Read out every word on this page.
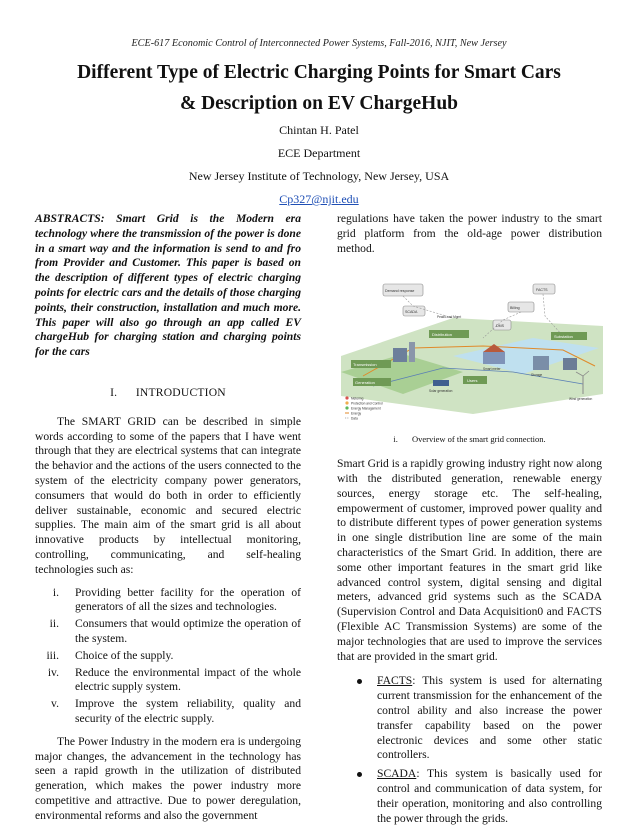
ECE-617 Economic Control of Interconnected Power Systems, Fall-2016, NJIT, New Jersey
Different Type of Electric Charging Points for Smart Cars
& Description on EV ChargeHub
Chintan H. Patel
ECE Department
New Jersey Institute of Technology, New Jersey, USA
Cp327@njit.edu

ABSTRACTS: Smart Grid is the Modern era technology where the transmission of the power is done in a smart way and the information is send to and fro from Provider and Customer. This paper is based on the description of different types of electric charging points for electric cars and the details of those charging points, their construction, installation and much more. This paper will also go through an app called EV chargeHub for charging station and charging points for the cars

I. INTRODUCTION

The SMART GRID can be described in simple words according to some of the papers that I have went through that they are electrical systems that can integrate the behavior and the actions of the users connected to the system of the electricity company power generators, consumers that would do both in order to efficiently deliver sustainable, economic and secured electric supplies. The main aim of the smart grid is all about innovative products by intellectual monitoring, controlling, communicating, and self-healing technologies such as:

i. Providing better facility for the operation of generators of all the sizes and technologies.
ii. Consumers that would optimize the operation of the system.
iii. Choice of the supply.
iv. Reduce the environmental impact of the whole electric supply system.
v. Improve the system reliability, quality and security of the electric supply.

The Power Industry in the modern era is undergoing major changes, the advancement in the technology has seen a rapid growth in the utilization of distributed generation, which makes the power industry more competitive and attractive. Due to power deregulation, environmental reforms and also the government

regulations have taken the power industry to the smart grid platform from the old-age power distribution method.

Demand response
SCADA
Billing
FACTS
DMS
Distribution
Transmission
Substation
Generation	Users
Smart meter
Solar generation
Wind generation
Storage
Peak/Load Mgmt
Metering
Protection and Control
Energy Management
Energy
Data
i. Overview of the smart grid connection.

Smart Grid is a rapidly growing industry right now along with the distributed generation, renewable energy sources, energy storage etc. The self-healing, empowerment of customer, improved power quality and to distribute different types of power generation systems in one single distribution line are some of the main characteristics of the Smart Grid. In addition, there are some other important features in the smart grid like advanced control system, digital sensing and digital meters, advanced grid systems such as the SCADA (Supervision Control and Data Acquisition0 and FACTS (Flexible AC Transmission Systems) are some of the major technologies that are used to improve the services that are provided in the smart grid.

FACTS: This system is used for alternating current transmission for the enhancement of the control ability and also increase the power transfer capability based on the power electronic devices and some other static controllers.
SCADA: This system is basically used for control and communication of data system, for their operation, monitoring and also controlling the power through the grids.
